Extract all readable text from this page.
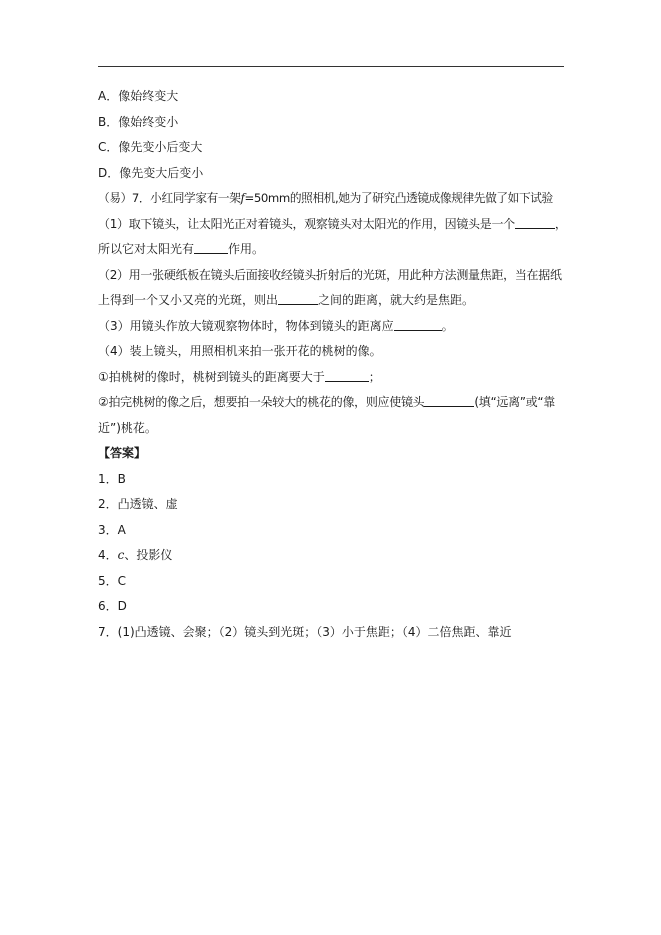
A．像始终变大
B．像始终变小
C．像先变小后变大
D．像先变大后变小
（易）7．小红同学家有一架f=50mm的照相机,她为了研究凸透镜成像规律先做了如下试验
（1）取下镜头，让太阳光正对着镜头，观察镜头对太阳光的作用，因镜头是一个	，
所以它对太阳光有	作用。
（2）用一张硬纸板在镜头后面接收经镜头折射后的光斑，用此种方法测量焦距，当在据纸
上得到一个又小又亮的光斑，则出	之间的距离，就大约是焦距。
（3）用镜头作放大镜观察物体时，物体到镜头的距离应	。
（4）装上镜头，用照相机来拍一张开花的桃树的像。
①拍桃树的像时，桃树到镜头的距离要大于	；
②拍完桃树的像之后，想要拍一朵较大的桃花的像，则应使镜头	(填“远离”或“靠
近”)桃花。
【答案】
1．B
2．凸透镜、虚
3．A
4．c、投影仪
5．C
6．D
7．(1)凸透镜、会聚；（2）镜头到光斑；（3）小于焦距；（4）二倍焦距、靠近
